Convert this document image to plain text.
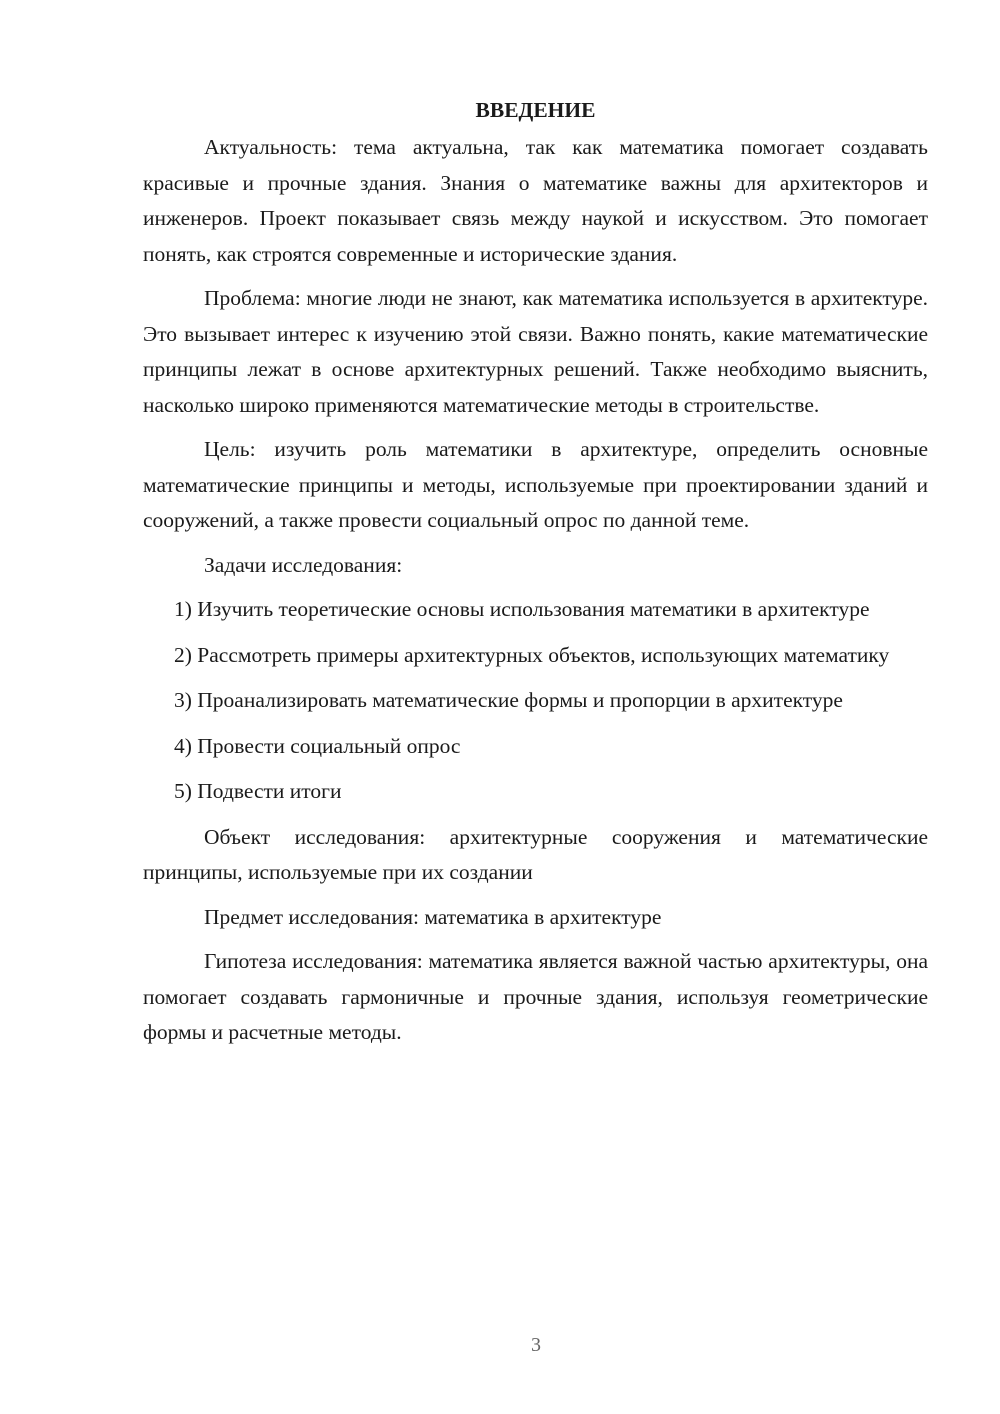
ВВЕДЕНИЕ

Актуальность: тема актуальна, так как математика помогает создавать красивые и прочные здания. Знания о математике важны для архитекторов и инженеров. Проект показывает связь между наукой и искусством. Это помогает понять, как строятся современные и исторические здания.

Проблема: многие люди не знают, как математика используется в архитектуре. Это вызывает интерес к изучению этой связи. Важно понять, какие математические принципы лежат в основе архитектурных решений. Также необходимо выяснить, насколько широко применяются математические методы в строительстве.

Цель: изучить роль математики в архитектуре, определить основные математические принципы и методы, используемые при проектировании зданий и сооружений, а также провести социальный опрос по данной теме.

Задачи исследования:

1) Изучить теоретические основы использования математики в архитектуре

2) Рассмотреть примеры архитектурных объектов, использующих математику

3) Проанализировать математические формы и пропорции в архитектуре

4) Провести социальный опрос

5) Подвести итоги

Объект исследования: архитектурные сооружения и математические принципы, используемые при их создании

Предмет исследования: математика в архитектуре

Гипотеза исследования: математика является важной частью архитектуры, она помогает создавать гармоничные и прочные здания, используя геометрические формы и расчетные методы.

3
